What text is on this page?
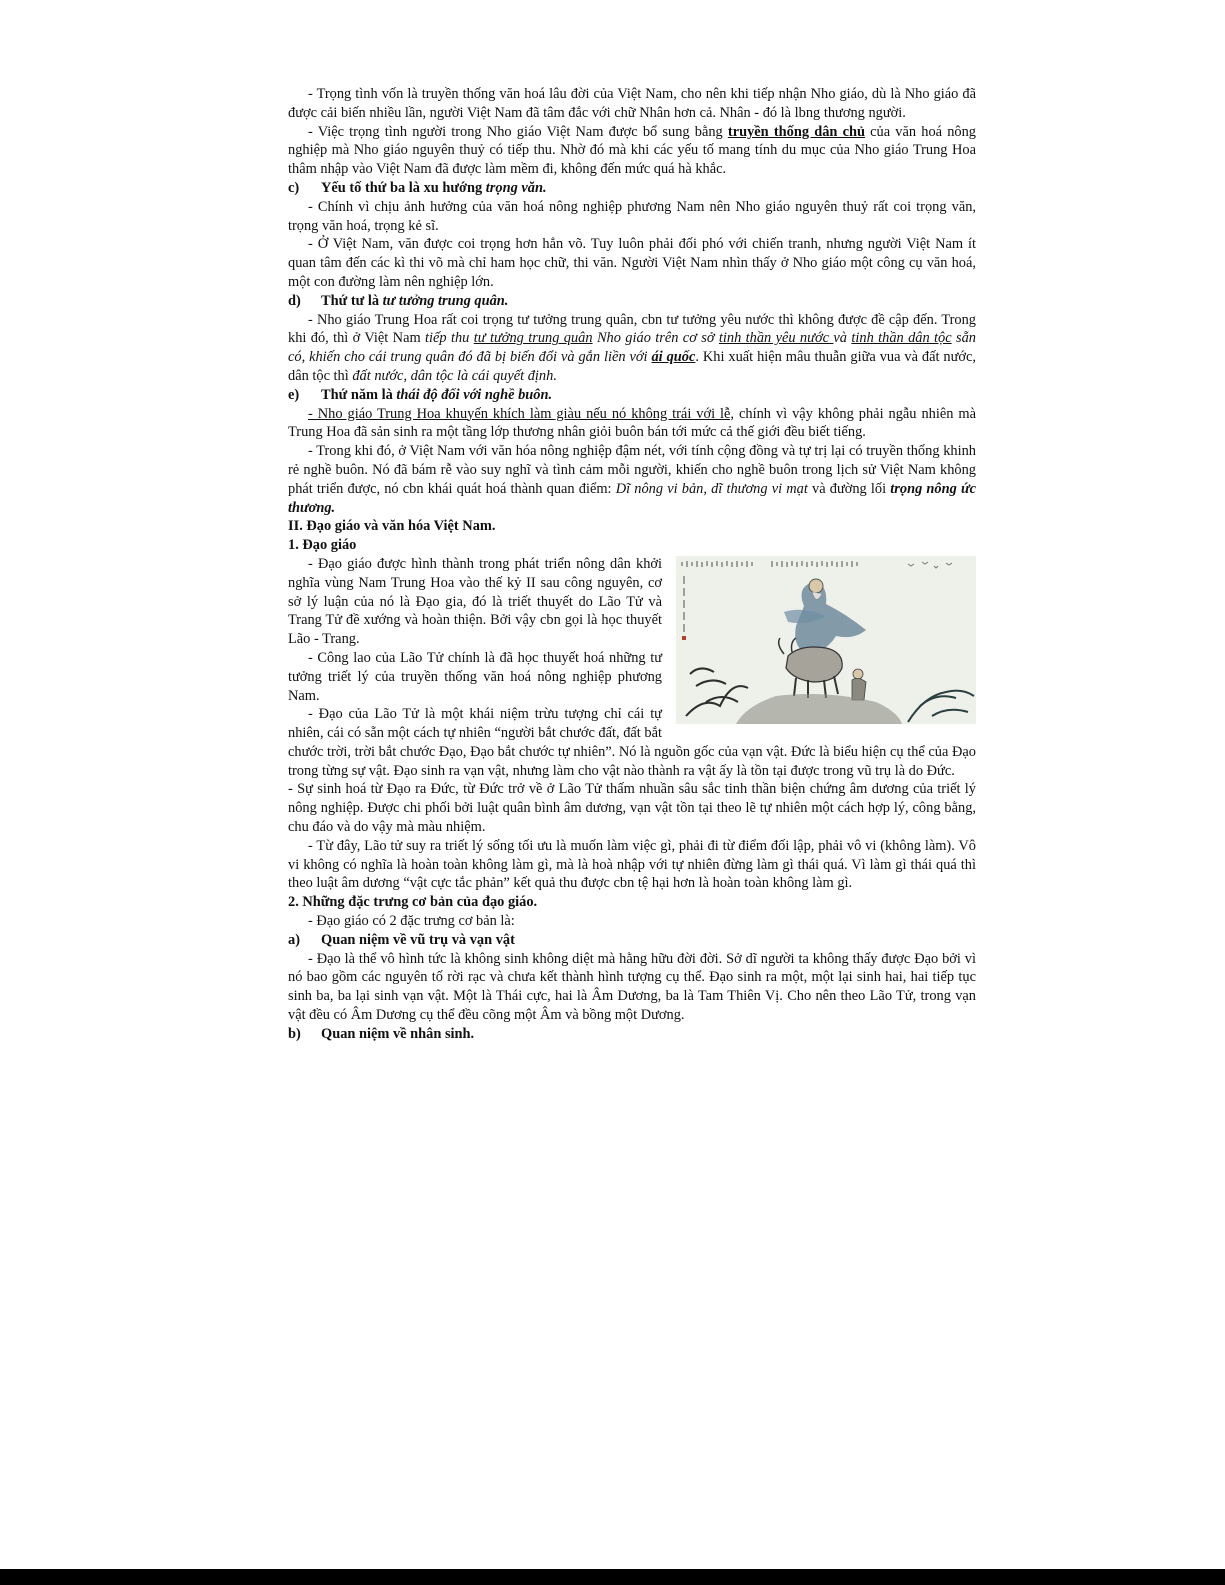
- Trọng tình vốn là truyền thống văn hoá lâu đời của Việt Nam, cho nên khi tiếp nhận Nho giáo, dù là Nho giáo đã được cải biến nhiều lần, người Việt Nam đã tâm đắc với chữ Nhân hơn cả. Nhân - đó là lbng thương người.

- Việc trọng tình người trong Nho giáo Việt Nam được bổ sung bằng truyền thống dân chủ của văn hoá nông nghiệp mà Nho giáo nguyên thuỷ có tiếp thu. Nhờ đó mà khi các yếu tố mang tính du mục của Nho giáo Trung Hoa thâm nhập vào Việt Nam đã được làm mềm đi, không đến mức quá hà khắc.

c) Yếu tố thứ ba là xu hướng trọng văn.

- Chính vì chịu ảnh hưởng của văn hoá nông nghiệp phương Nam nên Nho giáo nguyên thuỷ rất coi trọng văn, trọng văn hoá, trọng kẻ sĩ.

- Ở Việt Nam, văn được coi trọng hơn hẳn võ. Tuy luôn phải đối phó với chiến tranh, nhưng người Việt Nam ít quan tâm đến các kì thi võ mà chỉ ham học chữ, thi văn. Người Việt Nam nhìn thấy ở Nho giáo một công cụ văn hoá, một con đường làm nên nghiệp lớn.

d) Thứ tư là tư tưởng trung quân.

- Nho giáo Trung Hoa rất coi trọng tư tưởng trung quân, cbn tư tưởng yêu nước thì không được đề cập đến. Trong khi đó, thì ở Việt Nam tiếp thu tư tưởng trung quân Nho giáo trên cơ sở tinh thần yêu nước và tinh thần dân tộc sẵn có, khiến cho cái trung quân đó đã bị biến đổi và gắn liền với ái quốc. Khi xuất hiện mâu thuẫn giữa vua và đất nước, dân tộc thì đất nước, dân tộc là cái quyết định.

e) Thứ năm là thái độ đối với nghề buôn.

- Nho giáo Trung Hoa khuyến khích làm giàu nếu nó không trái với lễ, chính vì vậy không phải ngẫu nhiên mà Trung Hoa đã sản sinh ra một tầng lớp thương nhân giỏi buôn bán tới mức cả thế giới đều biết tiếng.

- Trong khi đó, ở Việt Nam với văn hóa nông nghiệp đậm nét, với tính cộng đồng và tự trị lại có truyền thống khinh rẻ nghề buôn. Nó đã bám rễ vào suy nghĩ và tình cảm mỗi người, khiến cho nghề buôn trong lịch sử Việt Nam không phát triển được, nó cbn khái quát hoá thành quan điểm: Dĩ nông vi bản, dĩ thương vi mạt và đường lối trọng nông ức thương.

II. Đạo giáo và văn hóa Việt Nam.

1. Đạo giáo

- Đạo giáo được hình thành trong phát triển nông dân khởi nghĩa vùng Nam Trung Hoa vào thế kỷ II sau công nguyên, cơ sở lý luận của nó là Đạo gia, đó là triết thuyết do Lão Tử và Trang Tử đề xướng và hoàn thiện. Bởi vậy cbn gọi là học thuyết Lão - Trang.

- Công lao của Lão Tử chính là đã học thuyết hoá những tư tưởng triết lý của truyền thống văn hoá nông nghiệp phương Nam.

- Đạo của Lão Tử là một khái niệm trừu tượng chỉ cái tự nhiên, cái có sẵn một cách tự nhiên “người bắt chước đất, đất bắt chước trời, trời bắt chước Đạo, Đạo bắt chước tự nhiên”. Nó là nguồn gốc của vạn vật. Đức là biểu hiện cụ thể của Đạo trong từng sự vật. Đạo sinh ra vạn vật, nhưng làm cho vật nào thành ra vật ấy là tồn tại được trong vũ trụ là do Đức.

- Sự sinh hoá từ Đạo ra Đức, từ Đức trở về ở Lão Tử thấm nhuần sâu sắc tinh thần biện chứng âm dương của triết lý nông nghiệp. Được chi phối bởi luật quân bình âm dương, vạn vật tồn tại theo lẽ tự nhiên một cách hợp lý, công bằng, chu đáo và do vậy mà màu nhiệm.

- Từ đây, Lão tử suy ra triết lý sống tối ưu là muốn làm việc gì, phải đi từ điểm đối lập, phải vô vi (không làm). Vô vi không có nghĩa là hoàn toàn không làm gì, mà là hoà nhập với tự nhiên đừng làm gì thái quá. Vì làm gì thái quá thì theo luật âm dương “vật cực tắc phản” kết quả thu được cbn tệ hại hơn là hoàn toàn không làm gì.

2. Những đặc trưng cơ bản của đạo giáo.

- Đạo giáo có 2 đặc trưng cơ bản là:

a) Quan niệm về vũ trụ và vạn vật

- Đạo là thể vô hình tức là không sinh không diệt mà hằng hữu đời đời. Sở dĩ người ta không thấy được Đạo bởi vì nó bao gồm các nguyên tố rời rạc và chưa kết thành hình tượng cụ thể. Đạo sinh ra một, một lại sinh hai, hai tiếp tục sinh ba, ba lại sinh vạn vật. Một là Thái cực, hai là Âm Dương, ba là Tam Thiên Vị. Cho nên theo Lão Tử, trong vạn vật đều có Âm Dương cụ thể đều cõng một Âm và bồng một Dương.

b) Quan niệm về nhân sinh.
